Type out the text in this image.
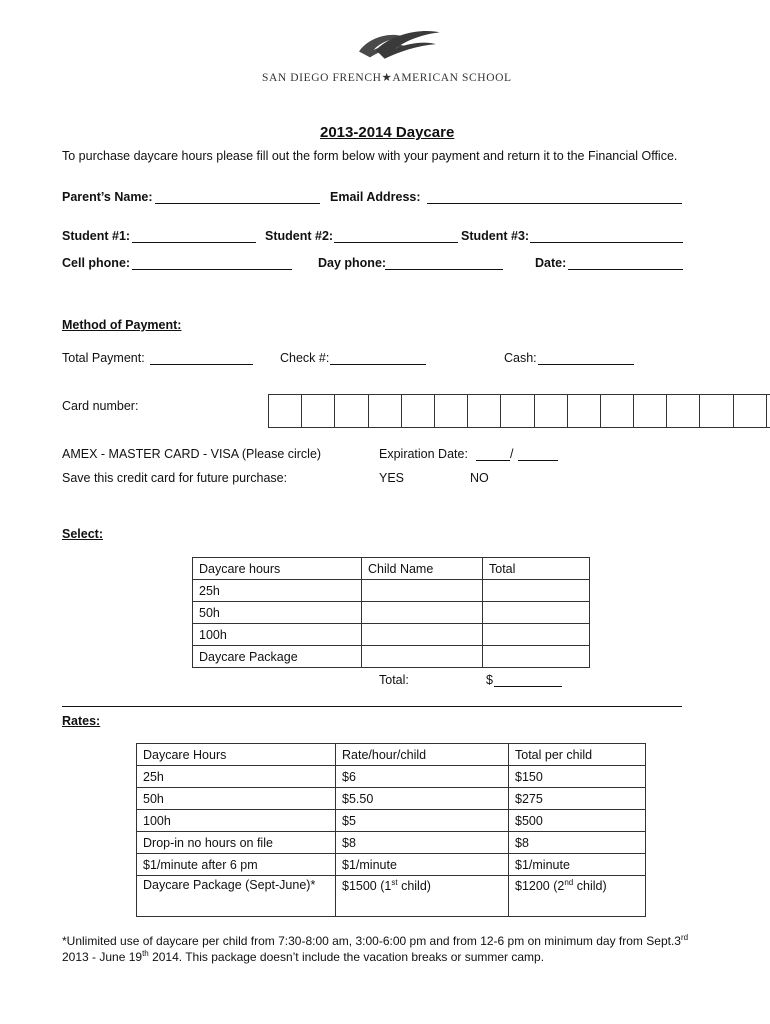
SAN DIEGO FRENCH★AMERICAN SCHOOL
2013-2014 Daycare
To purchase daycare hours please fill out the form below with your payment and return it to the Financial Office.
Parent’s Name:	Email Address:
Student #1:	Student #2:	Student #3:
Cell phone:	Day phone:	Date:
Method of Payment:
Total Payment:	Check #:	Cash:
Card number:
AMEX - MASTER CARD - VISA (Please circle)	Expiration Date:	/
Save this credit card for future purchase:	YES	NO
Select:
Daycare hours	Child Name	Total
25h		
50h		
100h		
Daycare Package		
Total:	$
Rates:
Daycare Hours	Rate/hour/child	Total per child
25h	$6	$150
50h	$5.50	$275
100h	$5	$500
Drop-in no hours on file	$8	$8
$1/minute after 6 pm	$1/minute	$1/minute
Daycare Package (Sept-June)*	$1500 (1st child)	$1200 (2nd child)
*Unlimited use of daycare per child from 7:30-8:00 am, 3:00-6:00 pm and from 12-6 pm on minimum day from Sept.3rd
2013 - June 19th 2014. This package doesn’t include the vacation breaks or summer camp.
